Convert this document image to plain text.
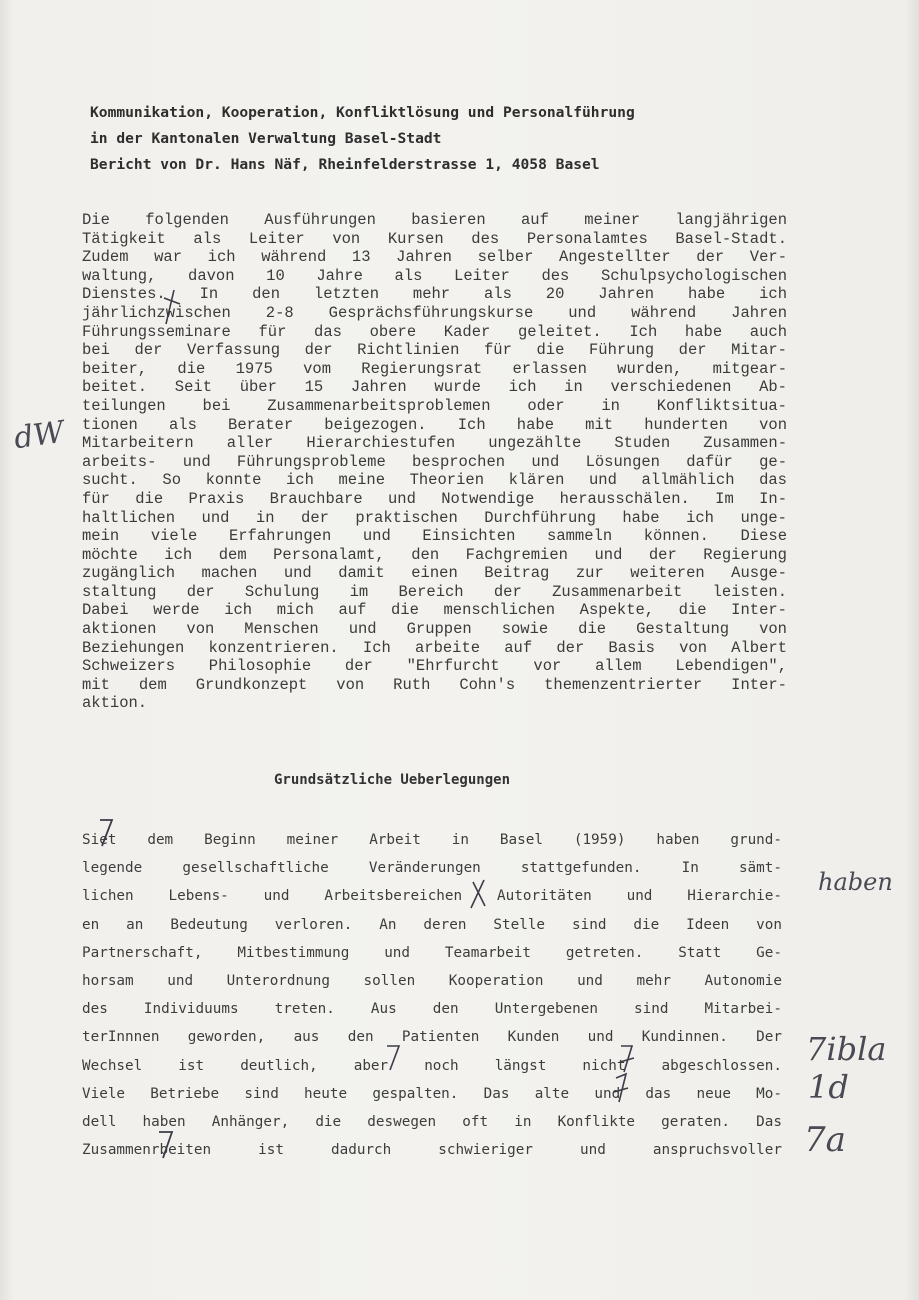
Kommunikation, Kooperation, Konfliktlösung und Personalführung
in der Kantonalen Verwaltung Basel-Stadt
Bericht von Dr. Hans Näf, Rheinfelderstrasse 1, 4058 Basel
Die folgenden Ausführungen basieren auf meiner langjährigen
Tätigkeit als Leiter von Kursen des Personalamtes Basel-Stadt.
Zudem war ich während 13 Jahren selber Angestellter der Ver-
waltung, davon 10 Jahre als Leiter des Schulpsychologischen
Dienstes. In den letzten mehr als 20 Jahren habe ich
jährlichzwischen 2-8 Gesprächsführungskurse und während Jahren
Führungsseminare für das obere Kader geleitet. Ich habe auch
bei der Verfassung der Richtlinien für die Führung der Mitar-
beiter, die 1975 vom Regierungsrat erlassen wurden, mitgear-
beitet. Seit über 15 Jahren wurde ich in verschiedenen Ab-
teilungen bei Zusammenarbeitsproblemen oder in Konfliktsitua-
tionen als Berater beigezogen. Ich habe mit hunderten von
Mitarbeitern aller Hierarchiestufen ungezählte Studen Zusammen-
arbeits- und Führungsprobleme besprochen und Lösungen dafür ge-
sucht. So konnte ich meine Theorien klären und allmählich das
für die Praxis Brauchbare und Notwendige herausschälen. Im In-
haltlichen und in der praktischen Durchführung habe ich unge-
mein viele Erfahrungen und Einsichten sammeln können. Diese
möchte ich dem Personalamt, den Fachgremien und der Regierung
zugänglich machen und damit einen Beitrag zur weiteren Ausge-
staltung der Schulung im Bereich der Zusammenarbeit leisten.
Dabei werde ich mich auf die menschlichen Aspekte, die Inter-
aktionen von Menschen und Gruppen sowie die Gestaltung von
Beziehungen konzentrieren. Ich arbeite auf der Basis von Albert
Schweizers Philosophie der "Ehrfurcht vor allem Lebendigen",
mit dem Grundkonzept von Ruth Cohn's themenzentrierter Inter-
aktion.
Grundsätzliche Ueberlegungen
Siet dem Beginn meiner Arbeit in Basel (1959) haben grund-
legende gesellschaftliche Veränderungen stattgefunden. In sämt-
lichen Lebens- und Arbeitsbereichen Autoritäten und Hierarchie-
en an Bedeutung verloren. An deren Stelle sind die Ideen von
Partnerschaft, Mitbestimmung und Teamarbeit getreten. Statt Ge-
horsam und Unterordnung sollen Kooperation und mehr Autonomie
des Individuums treten. Aus den Untergebenen sind Mitarbei-
terInnnen geworden, aus den Patienten Kunden und Kundinnen. Der
Wechsel ist deutlich, aber noch längst nicht abgeschlossen.
Viele Betriebe sind heute gespalten. Das alte und das neue Mo-
dell haben Anhänger, die deswegen oft in Konflikte geraten. Das
Zusammenrbeiten ist dadurch schwieriger und anspruchsvoller
dW
haben
7ibla
1d
7a
